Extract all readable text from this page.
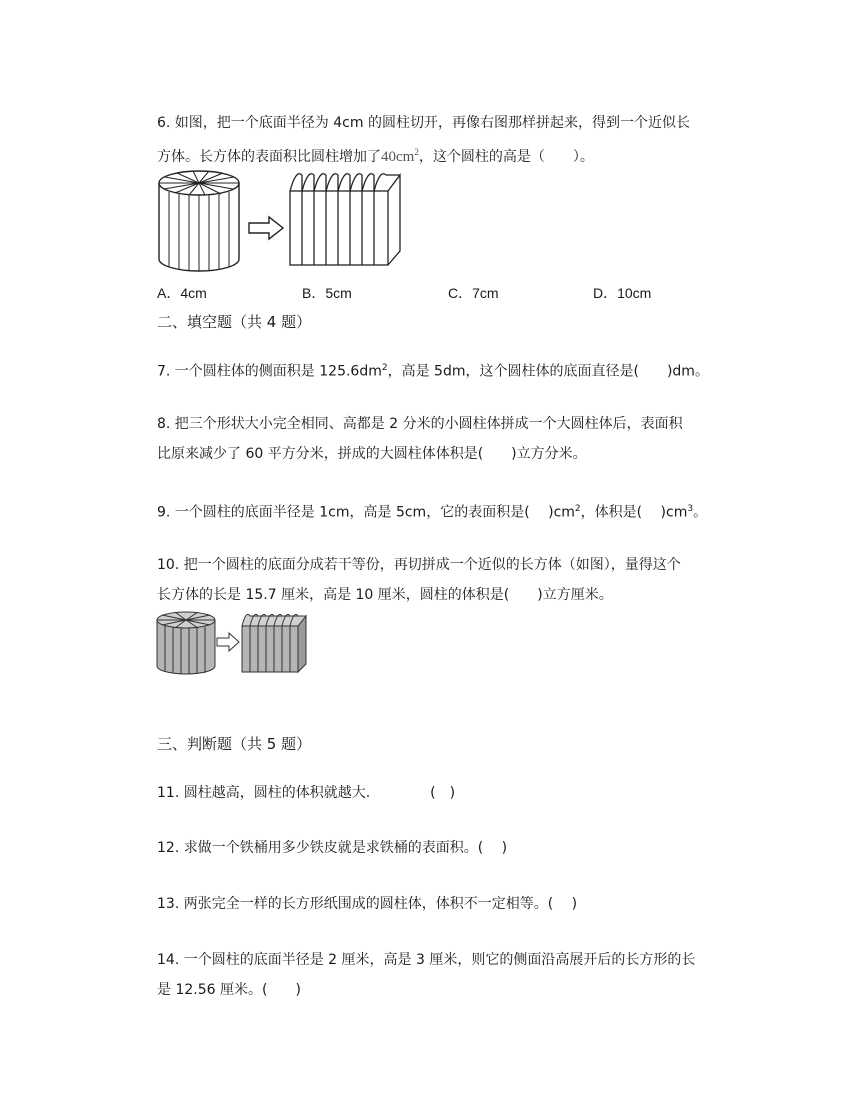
6. 如图，把一个底面半径为 4cm 的圆柱切开，再像右图那样拼起来，得到一个近似长
方体。长方体的表面积比圆柱增加了$40cm^2$，这个圆柱的高是（　　）。
A．4cm	B．5cm	C．7cm	D．10cm
二、填空题（共 4 题）
7. 一个圆柱体的侧面积是 $125.6dm^2$，高是 5dm，这个圆柱体的底面直径是(　　)dm。
8. 把三个形状大小完全相同、高都是 2 分米的小圆柱体拼成一个大圆柱体后，表面积
比原来减少了 60 平方分米，拼成的大圆柱体体积是(　　)立方分米。
9. 一个圆柱的底面半径是 1cm，高是 5cm，它的表面积是(　 )$cm^2$，体积是(　 )$cm^3$。
10. 把一个圆柱的底面分成若干等份，再切拼成一个近似的长方体（如图），量得这个
长方体的长是 15.7 厘米，高是 10 厘米，圆柱的体积是(　　)立方厘米。
三、判断题（共 5 题）
11. 圆柱越高，圆柱的体积就越大.	(　)
12. 求做一个铁桶用多少铁皮就是求铁桶的表面积。(　 )
13. 两张完全一样的长方形纸围成的圆柱体，体积不一定相等。(　 )
14. 一个圆柱的底面半径是 2 厘米，高是 3 厘米，则它的侧面沿高展开后的长方形的长
是 12.56 厘米。(　　)
